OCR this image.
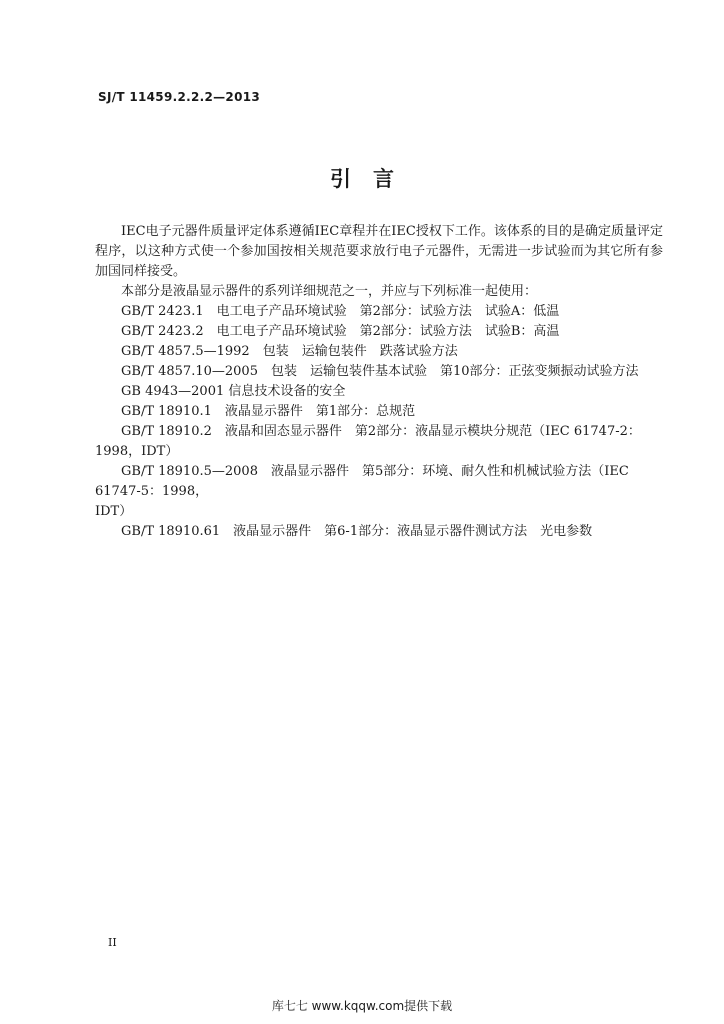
SJ/T 11459.2.2.2—2013
引言

IEC电子元器件质量评定体系遵循IEC章程并在IEC授权下工作。该体系的目的是确定质量评定程序，以这种方式使一个参加国按相关规范要求放行电子元器件，无需进一步试验而为其它所有参加国同样接受。

本部分是液晶显示器件的系列详细规范之一，并应与下列标准一起使用：

GB/T 2423.1　电工电子产品环境试验　第2部分：试验方法　试验A：低温
GB/T 2423.2　电工电子产品环境试验　第2部分：试验方法　试验B：高温
GB/T 4857.5—1992　包装　运输包装件　跌落试验方法
GB/T 4857.10—2005　包装　运输包装件基本试验　第10部分：正弦变频振动试验方法
GB 4943—2001 信息技术设备的安全
GB/T 18910.1　液晶显示器件　第1部分：总规范
GB/T 18910.2　液晶和固态显示器件　第2部分：液晶显示模块分规范（IEC 61747-2：1998，IDT）
GB/T 18910.5—2008　液晶显示器件　第5部分：环境、耐久性和机械试验方法（IEC 61747-5：1998，
IDT）
GB/T 18910.61　液晶显示器件　第6-1部分：液晶显示器件测试方法　光电参数
II
库七七 www.kqqw.com提供下载
